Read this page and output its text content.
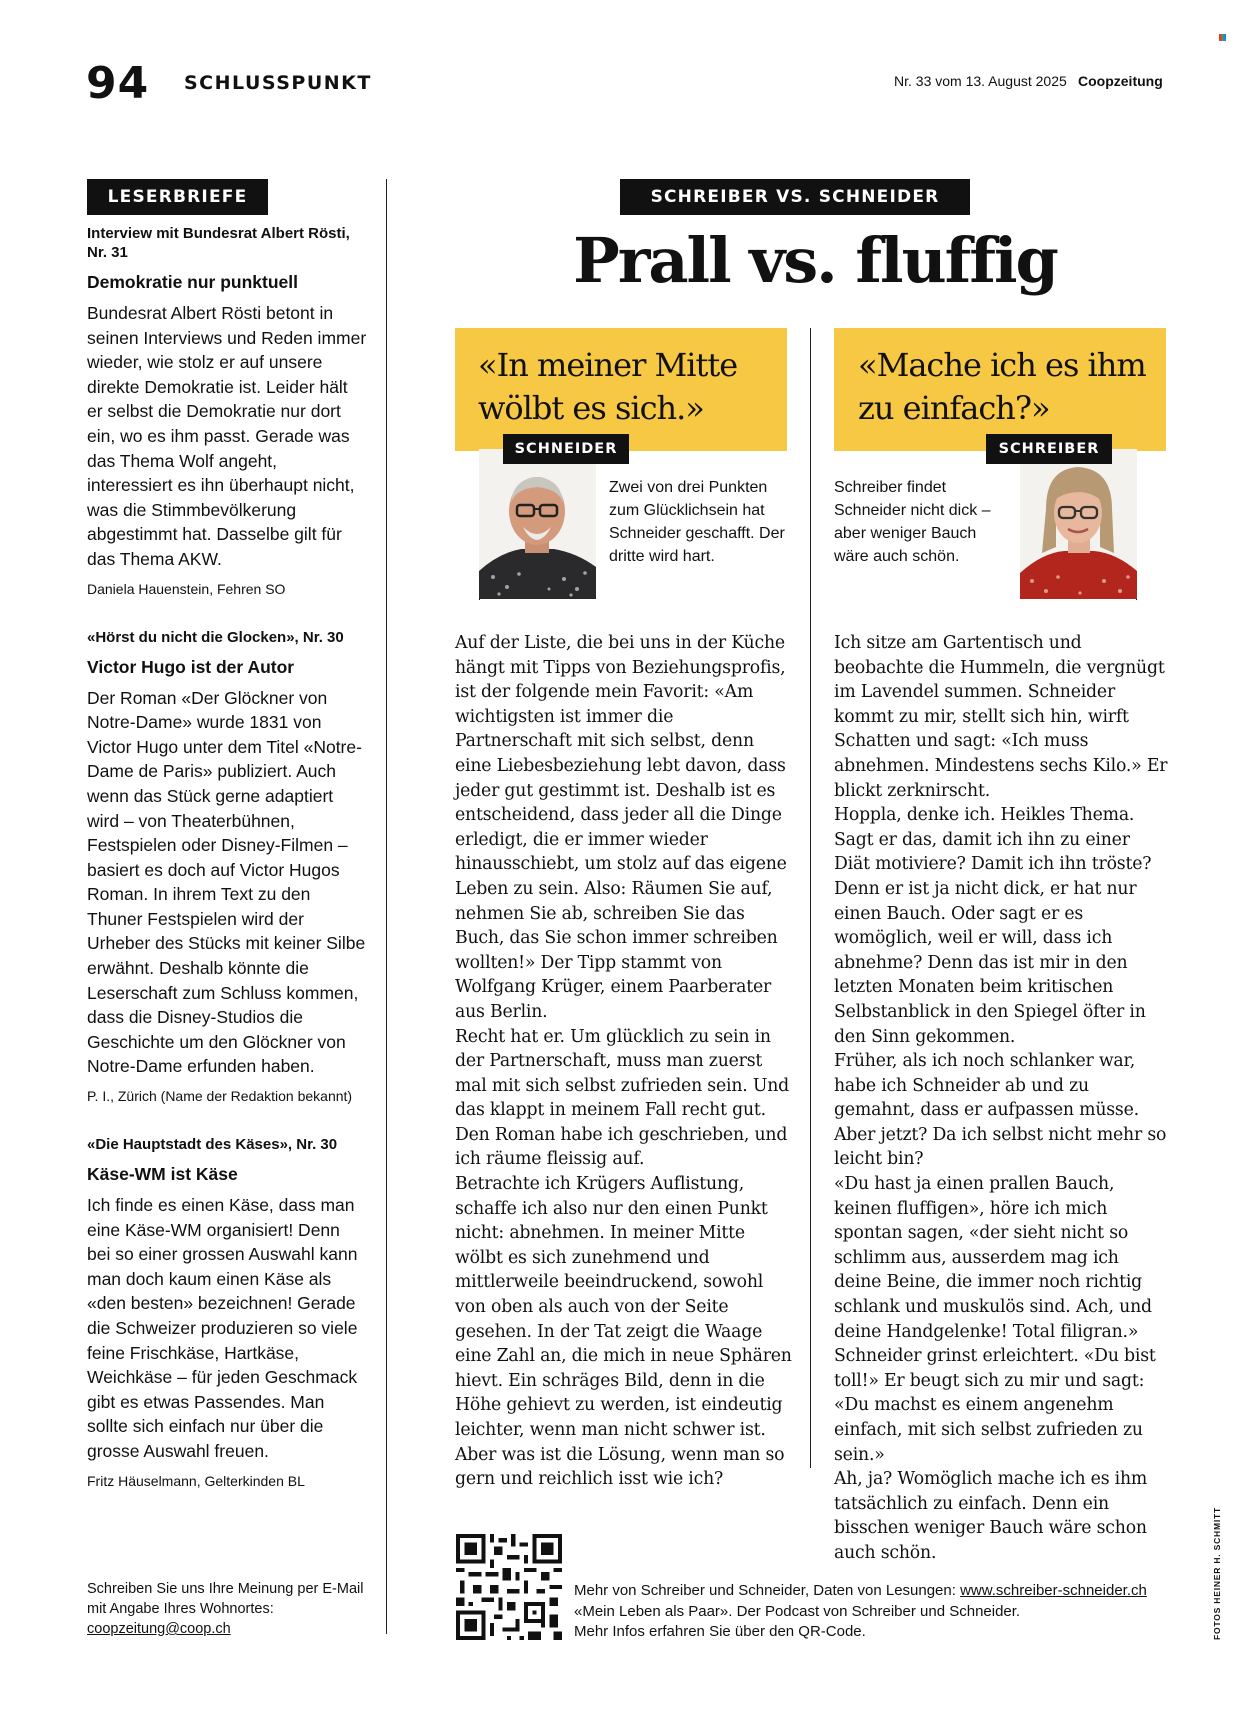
94 SCHLUSSPUNKT	Nr. 33 vom 13. August 2025 Coopzeitung
LESERBRIEFE

Interview mit Bundesrat Albert Rösti, Nr. 31

Demokratie nur punktuell

Bundesrat Albert Rösti betont in seinen Interviews und Reden immer wieder, wie stolz er auf unsere direkte Demokratie ist. Leider hält er selbst die Demokratie nur dort ein, wo es ihm passt. Gerade was das Thema Wolf angeht, interessiert es ihn überhaupt nicht, was die Stimmbevölkerung abgestimmt hat. Dasselbe gilt für das Thema AKW.

Daniela Hauenstein, Fehren SO

«Hörst du nicht die Glocken», Nr. 30

Victor Hugo ist der Autor

Der Roman «Der Glöckner von Notre-Dame» wurde 1831 von Victor Hugo unter dem Titel «Notre-Dame de Paris» publiziert. Auch wenn das Stück gerne adaptiert wird – von Theaterbühnen, Festspielen oder Disney-Filmen – basiert es doch auf Victor Hugos Roman. In ihrem Text zu den Thuner Festspielen wird der Urheber des Stücks mit keiner Silbe erwähnt. Deshalb könnte die Leserschaft zum Schluss kommen, dass die Disney-Studios die Geschichte um den Glöckner von Notre-Dame erfunden haben.

P. I., Zürich (Name der Redaktion bekannt)

«Die Hauptstadt des Käses», Nr. 30

Käse-WM ist Käse

Ich finde es einen Käse, dass man eine Käse-WM organisiert! Denn bei so einer grossen Auswahl kann man doch kaum einen Käse als «den besten» bezeichnen! Gerade die Schweizer produzieren so viele feine Frischkäse, Hartkäse, Weichkäse – für jeden Geschmack gibt es etwas Passendes. Man sollte sich einfach nur über die grosse Auswahl freuen.

Fritz Häuselmann, Gelterkinden BL

Schreiben Sie uns Ihre Meinung per E-Mail mit Angabe Ihres Wohnortes:
coopzeitung@coop.ch
SCHREIBER VS. SCHNEIDER
Prall vs. fluffig
«In meiner Mitte wölbt es sich.»
«Mache ich es ihm zu einfach?»
SCHNEIDER
Zwei von drei Punkten zum Glücklichsein hat Schneider geschafft. Der dritte wird hart.
SCHREIBER
Schreiber findet Schneider nicht dick – aber weniger Bauch wäre auch schön.

Auf der Liste, die bei uns in der Küche hängt mit Tipps von Beziehungsprofis, ist der folgende mein Favorit: «Am wichtigsten ist immer die Partnerschaft mit sich selbst, denn eine Liebesbeziehung lebt davon, dass jeder gut gestimmt ist. Deshalb ist es entscheidend, dass jeder all die Dinge erledigt, die er immer wieder hinausschiebt, um stolz auf das eigene Leben zu sein. Also: Räumen Sie auf, nehmen Sie ab, schreiben Sie das Buch, das Sie schon immer schreiben wollten!» Der Tipp stammt von Wolfgang Krüger, einem Paarberater aus Berlin.

Recht hat er. Um glücklich zu sein in der Partnerschaft, muss man zuerst mal mit sich selbst zufrieden sein. Und das klappt in meinem Fall recht gut. Den Roman habe ich geschrieben, und ich räume fleissig auf.

Betrachte ich Krügers Auflistung, schaffe ich also nur den einen Punkt nicht: abnehmen. In meiner Mitte wölbt es sich zunehmend und mittlerweile beeindruckend, sowohl von oben als auch von der Seite gesehen. In der Tat zeigt die Waage eine Zahl an, die mich in neue Sphären hievt. Ein schräges Bild, denn in die Höhe gehievt zu werden, ist eindeutig leichter, wenn man nicht schwer ist. Aber was ist die Lösung, wenn man so gern und reichlich isst wie ich?

Ich sitze am Gartentisch und beobachte die Hummeln, die vergnügt im Lavendel summen. Schneider kommt zu mir, stellt sich hin, wirft Schatten und sagt: «Ich muss abnehmen. Mindestens sechs Kilo.» Er blickt zerknirscht.

Hoppla, denke ich. Heikles Thema. Sagt er das, damit ich ihn zu einer Diät motiviere? Damit ich ihn tröste? Denn er ist ja nicht dick, er hat nur einen Bauch. Oder sagt er es womöglich, weil er will, dass ich abnehme? Denn das ist mir in den letzten Monaten beim kritischen Selbstanblick in den Spiegel öfter in den Sinn gekommen.

Früher, als ich noch schlanker war, habe ich Schneider ab und zu gemahnt, dass er aufpassen müsse. Aber jetzt? Da ich selbst nicht mehr so leicht bin?

«Du hast ja einen prallen Bauch, keinen fluffigen», höre ich mich spontan sagen, «der sieht nicht so schlimm aus, ausserdem mag ich deine Beine, die immer noch richtig schlank und muskulös sind. Ach, und deine Handgelenke! Total filigran.»

Schneider grinst erleichtert. «Du bist toll!» Er beugt sich zu mir und sagt: «Du machst es einem angenehm einfach, mit sich selbst zufrieden zu sein.»

Ah, ja? Womöglich mache ich es ihm tatsächlich zu einfach. Denn ein bisschen weniger Bauch wäre schon auch schön.

Mehr von Schreiber und Schneider, Daten von Lesungen: www.schreiber-schneider.ch
«Mein Leben als Paar». Der Podcast von Schreiber und Schneider.
Mehr Infos erfahren Sie über den QR-Code.	FOTOS HEINER H. SCHMITT
